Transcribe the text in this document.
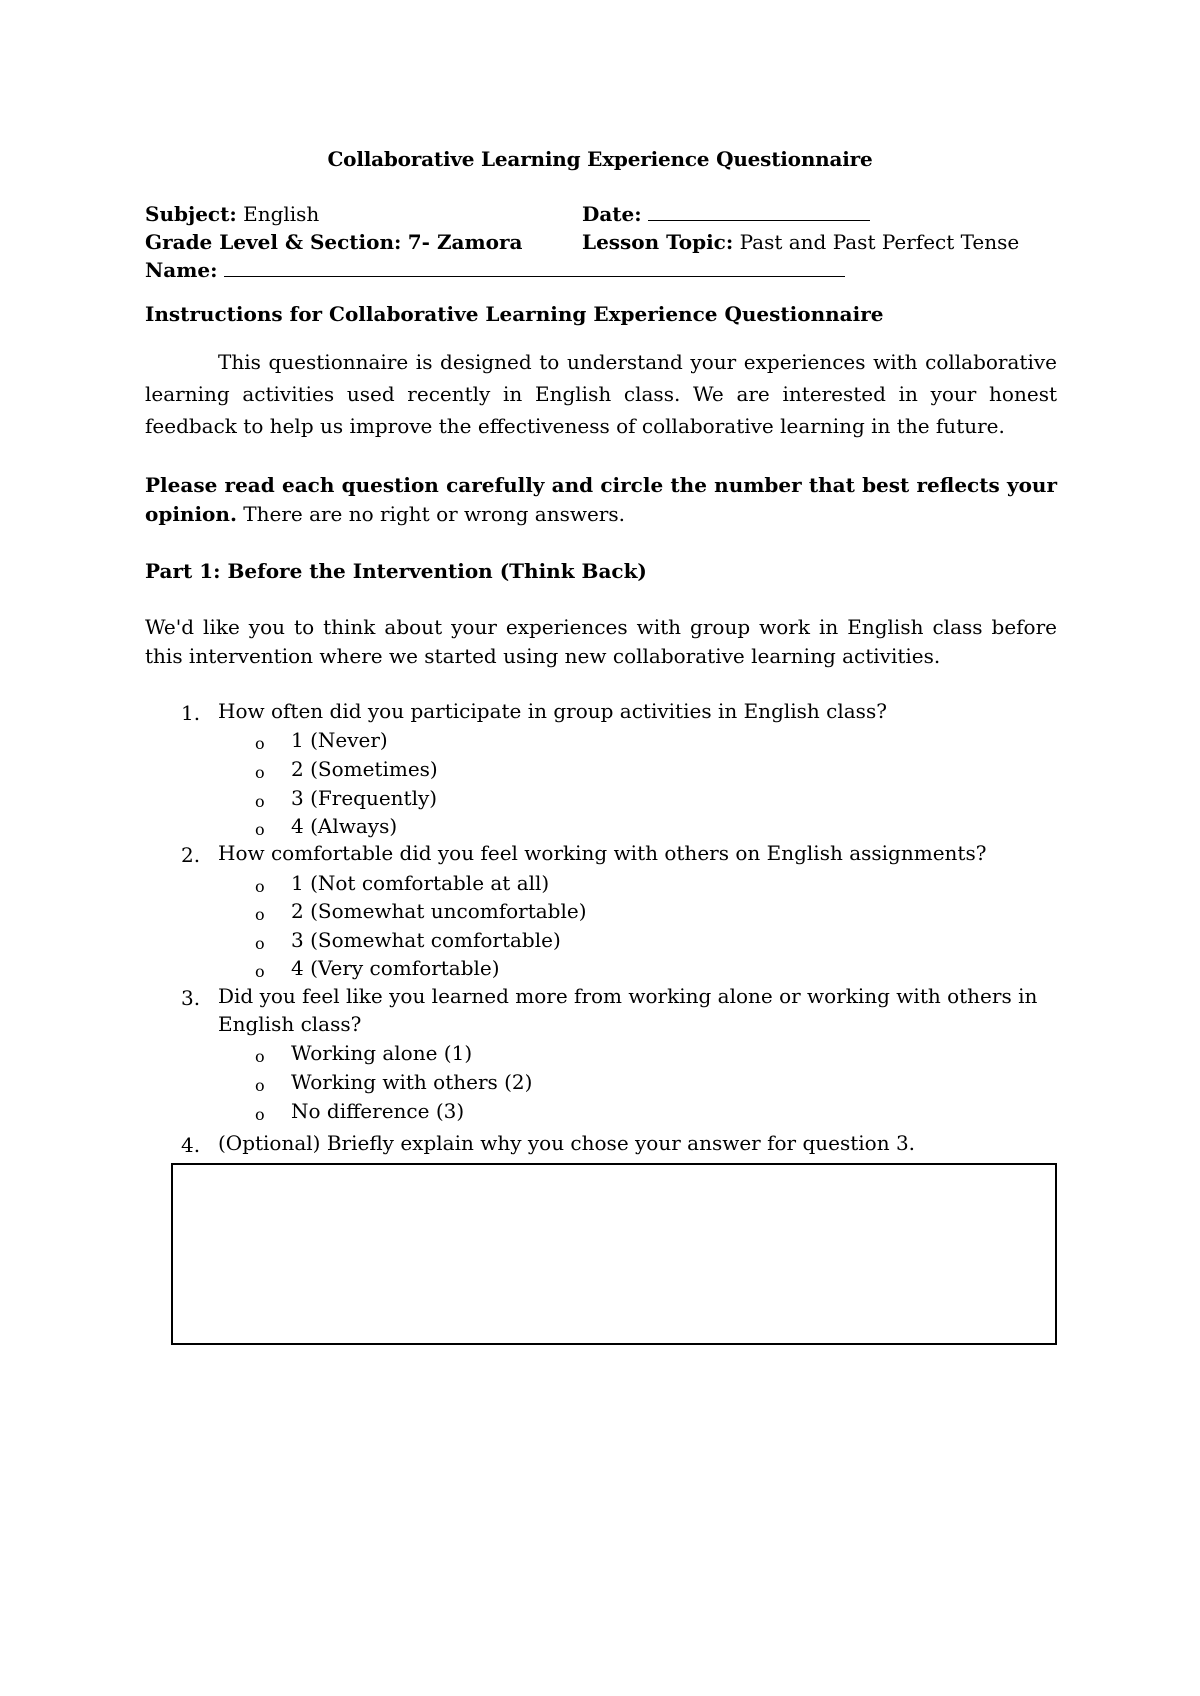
Collaborative Learning Experience Questionnaire
Subject: English	Date:
Grade Level & Section: 7- Zamora	Lesson Topic: Past and Past Perfect Tense
Name:
Instructions for Collaborative Learning Experience Questionnaire
This questionnaire is designed to understand your experiences with collaborative learning activities used recently in English class. We are interested in your honest feedback to help us improve the effectiveness of collaborative learning in the future.
Please read each question carefully and circle the number that best reflects your opinion. There are no right or wrong answers.
Part 1: Before the Intervention (Think Back)
We'd like you to think about your experiences with group work in English class before this intervention where we started using new collaborative learning activities.
1. How often did you participate in group activities in English class?
o 1 (Never)
o 2 (Sometimes)
o 3 (Frequently)
o 4 (Always)
2. How comfortable did you feel working with others on English assignments?
o 1 (Not comfortable at all)
o 2 (Somewhat uncomfortable)
o 3 (Somewhat comfortable)
o 4 (Very comfortable)
3. Did you feel like you learned more from working alone or working with others in
English class?
o Working alone (1)
o Working with others (2)
o No difference (3)
4. (Optional) Briefly explain why you chose your answer for question 3.
